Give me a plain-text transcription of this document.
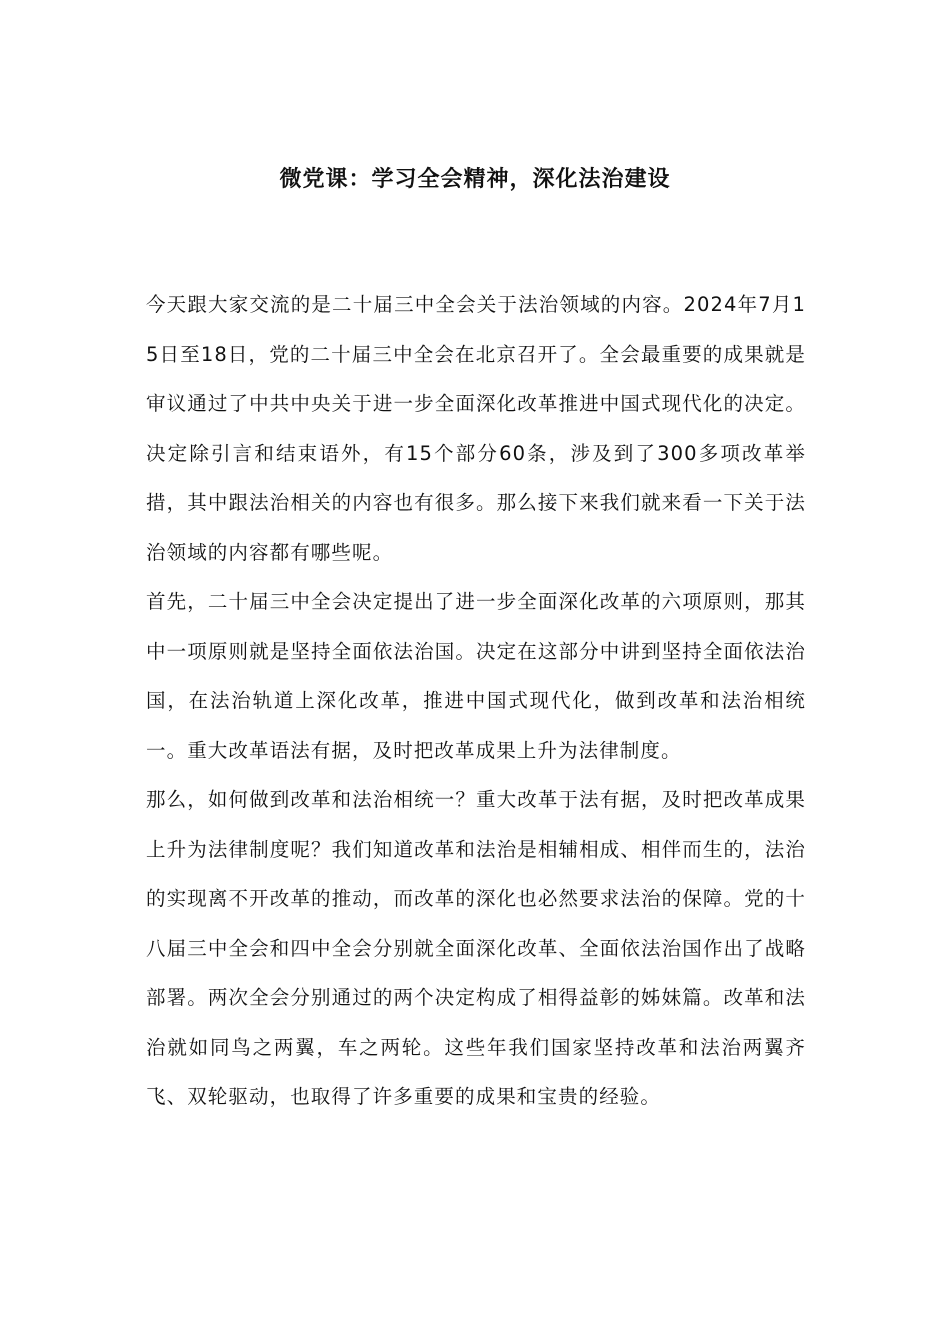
微党课：学习全会精神，深化法治建设

今天跟大家交流的是二十届三中全会关于法治领域的内容。2024年7月15日至18日，党的二十届三中全会在北京召开了。全会最重要的成果就是审议通过了中共中央关于进一步全面深化改革推进中国式现代化的决定。决定除引言和结束语外，有15个部分60条，涉及到了300多项改革举措，其中跟法治相关的内容也有很多。那么接下来我们就来看一下关于法治领域的内容都有哪些呢。

首先，二十届三中全会决定提出了进一步全面深化改革的六项原则，那其中一项原则就是坚持全面依法治国。决定在这部分中讲到坚持全面依法治国，在法治轨道上深化改革，推进中国式现代化，做到改革和法治相统一。重大改革语法有据，及时把改革成果上升为法律制度。

那么，如何做到改革和法治相统一？重大改革于法有据，及时把改革成果上升为法律制度呢？我们知道改革和法治是相辅相成、相伴而生的，法治的实现离不开改革的推动，而改革的深化也必然要求法治的保障。党的十八届三中全会和四中全会分别就全面深化改革、全面依法治国作出了战略部署。两次全会分别通过的两个决定构成了相得益彰的姊妹篇。改革和法治就如同鸟之两翼，车之两轮。这些年我们国家坚持改革和法治两翼齐飞、双轮驱动，也取得了许多重要的成果和宝贵的经验。
